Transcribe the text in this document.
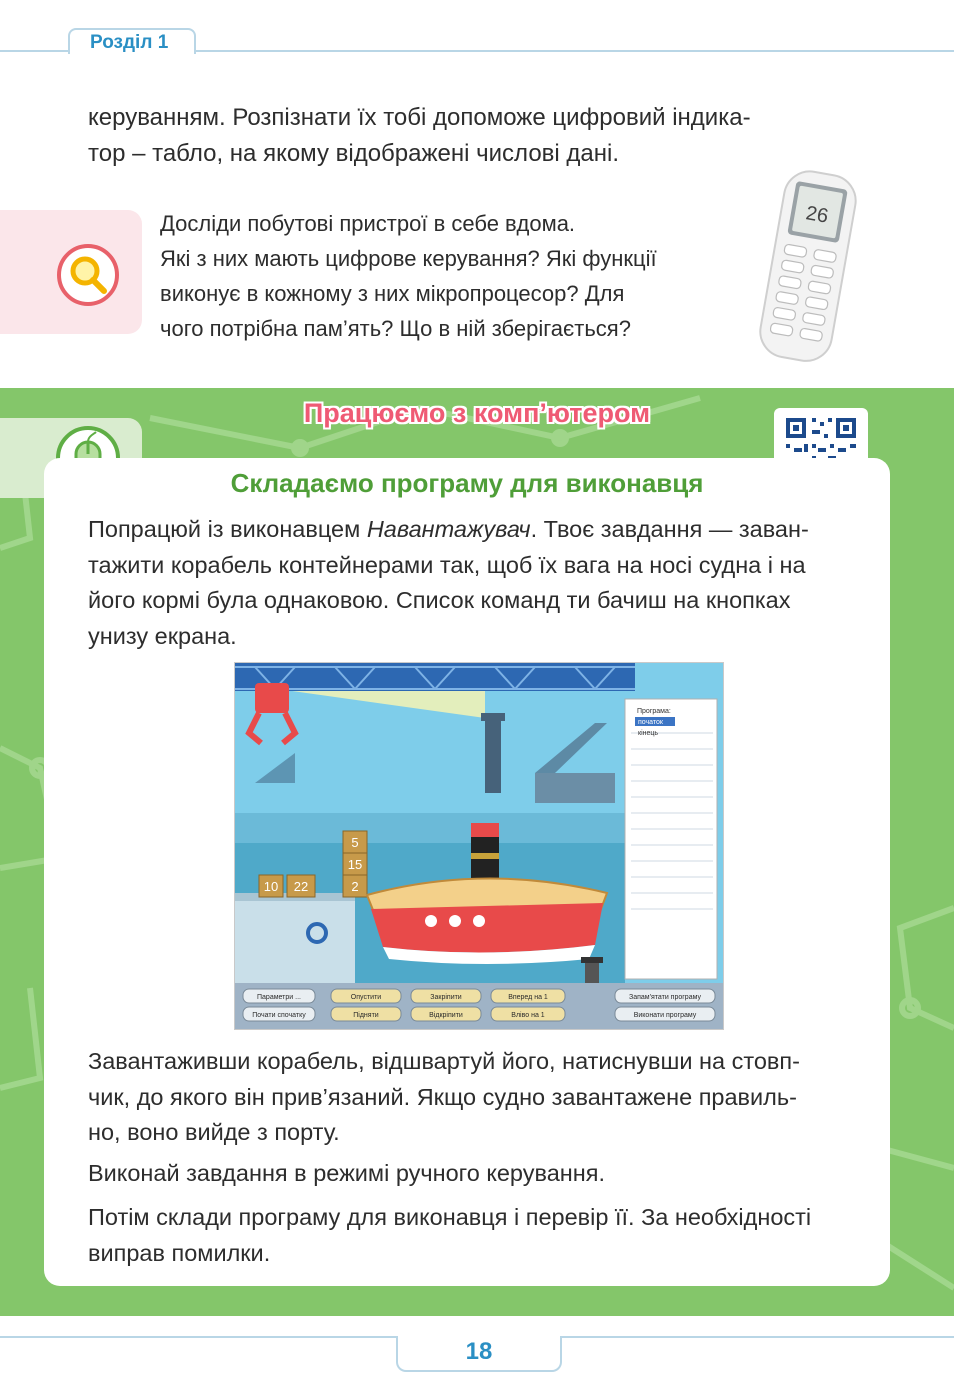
Розділ 1
керуванням. Розпізнати їх тобі допоможе цифровий індика-
тор – табло, на якому відображені числові дані.
Досліди побутові пристрої в себе вдома.
Які з них мають цифрове керування? Які функції
виконує в кожному з них мікропроцесор? Для
чого потрібна пам’ять? Що в ній зберігається?
26
Працюємо з комп’ютером
Складаємо програму для виконавця
Попрацюй із виконавцем Навантажувач. Твоє завдання — заван-
тажити корабель контейнерами так, щоб їх вага на носі судна і на
його кормі була однаковою. Список команд ти бачиш на кнопках
унизу екрана.
5
15
10 22	2
Програма:
початок
кінець
Параметри ...	Опустити	Закріпити	Вперед на 1	Запам'ятати програму
Почати спочатку	Підняти	Відкріпити	Вліво на 1	Виконати програму
Завантаживши корабель, відшвартуй його, натиснувши на стовп-
чик, до якого він прив’язаний. Якщо судно завантажене правиль-
но, воно вийде з порту.
Виконай завдання в режимі ручного керування.
Потім склади програму для виконавця і перевір її. За необхідності
виправ помилки.
18
